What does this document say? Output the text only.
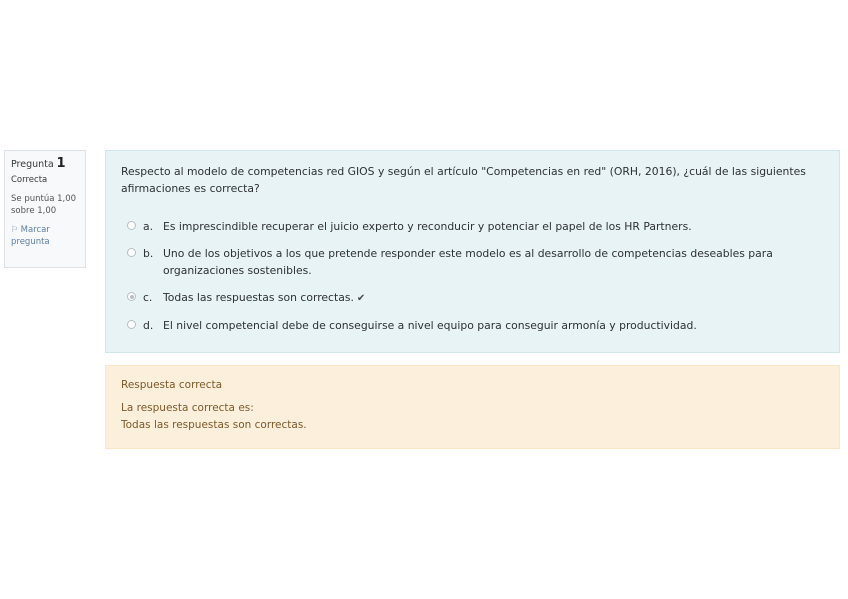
Pregunta 1
Correcta
Se puntúa 1,00
sobre 1,00
⚐ Marcar
pregunta

Respecto al modelo de competencias red GIOS y según el artículo "Competencias en red" (ORH, 2016), ¿cuál de las siguientes afirmaciones es correcta?

a. Es imprescindible recuperar el juicio experto y reconducir y potenciar el papel de los HR Partners.
b. Uno de los objetivos a los que pretende responder este modelo es al desarrollo de competencias deseables para organizaciones sostenibles.
c. Todas las respuestas son correctas. ✔
d. El nivel competencial debe de conseguirse a nivel equipo para conseguir armonía y productividad.
Respuesta correcta
La respuesta correcta es:
Todas las respuestas son correctas.
